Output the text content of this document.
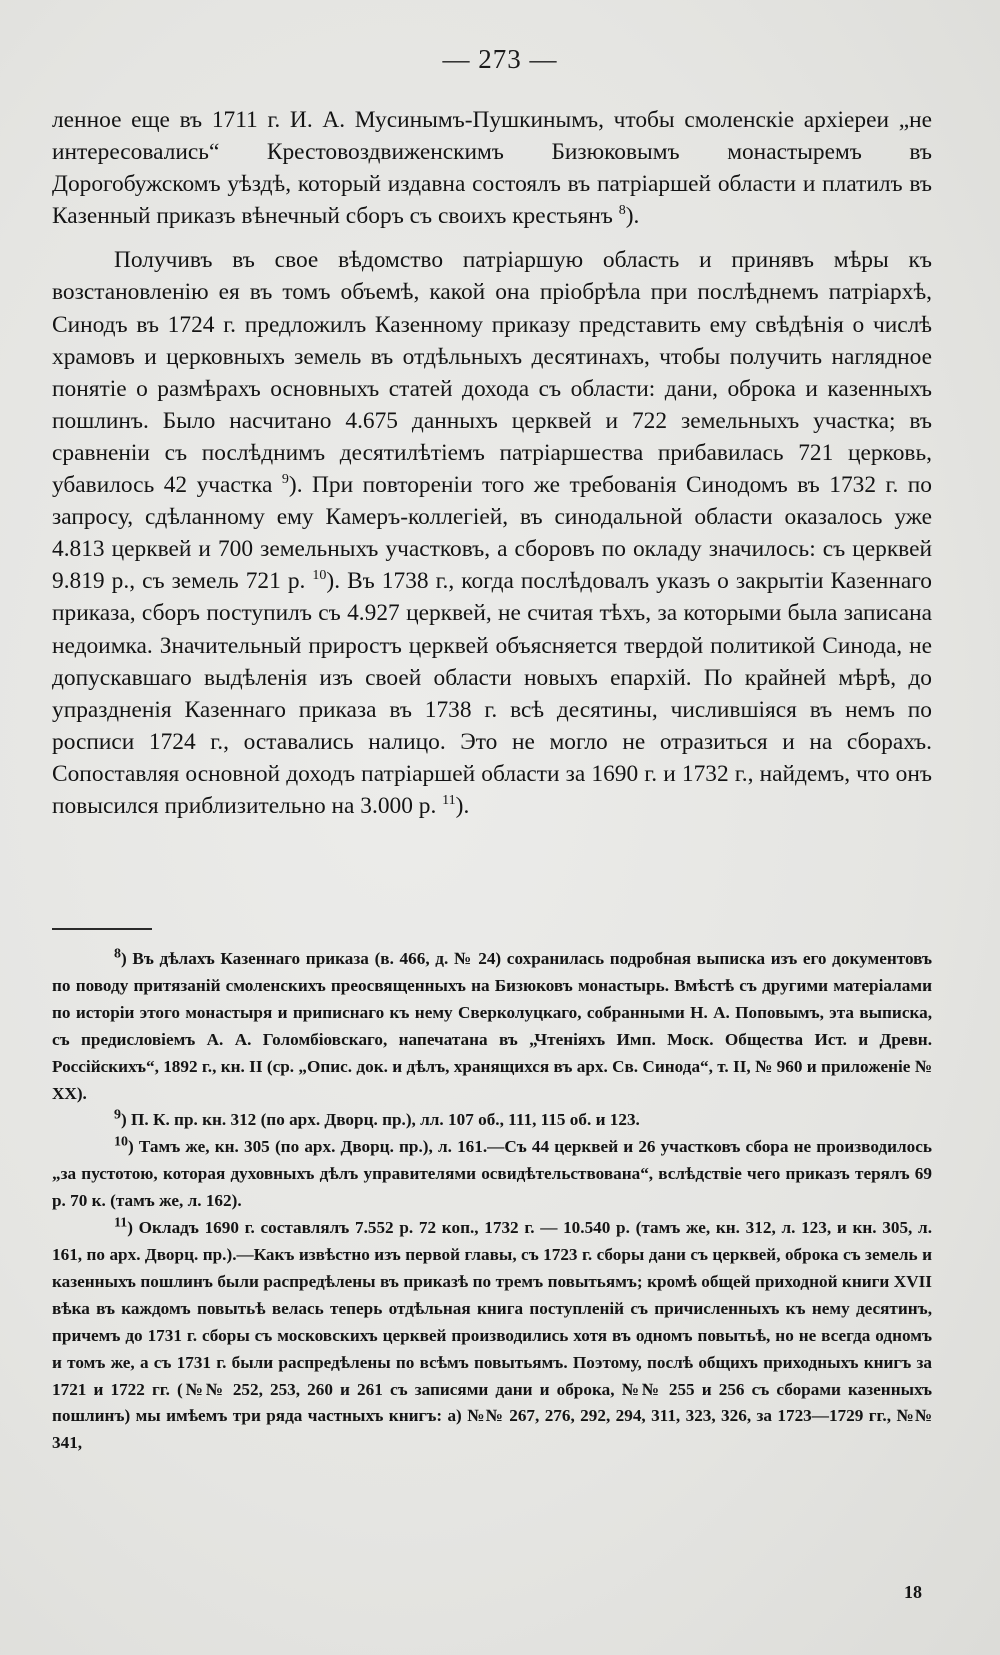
— 273 —

ленное еще въ 1711 г. И. А. Мусинымъ-Пушкинымъ, чтобы смоленскіе архіереи „не интересовались“ Крестовоздвиженскимъ Бизюковымъ монастыремъ въ Дорогобужскомъ уѣздѣ, который издавна состоялъ въ патріаршей области и платилъ въ Казенный приказъ вѣнечный сборъ съ своихъ крестьянъ $^8$).

Получивъ въ свое вѣдомство патріаршую область и принявъ мѣры къ возстановленію ея въ томъ объемѣ, какой она пріобрѣла при послѣднемъ патріархѣ, Синодъ въ 1724 г. предложилъ Казенному приказу представить ему свѣдѣнія о числѣ храмовъ и церковныхъ земель въ отдѣльныхъ десятинахъ, чтобы получить наглядное понятіе о размѣрахъ основныхъ статей дохода съ области: дани, оброка и казенныхъ пошлинъ. Было насчитано 4.675 данныхъ церквей и 722 земельныхъ участка; въ сравненіи съ послѣднимъ десятилѣтіемъ патріаршества прибавилась 721 церковь, убавилось 42 участка $^9$). При повтореніи того же требованія Синодомъ въ 1732 г. по запросу, сдѣланному ему Камеръ-коллегіей, въ синодальной области оказалось уже 4.813 церквей и 700 земельныхъ участковъ, а сборовъ по окладу значилось: съ церквей 9.819 р., съ земель 721 р. $^{10}$). Въ 1738 г., когда послѣдовалъ указъ о закрытіи Казеннаго приказа, сборъ поступилъ съ 4.927 церквей, не считая тѣхъ, за которыми была записана недоимка. Значительный приростъ церквей объясняется твердой политикой Синода, не допускавшаго выдѣленія изъ своей области новыхъ епархій. По крайней мѣрѣ, до упраздненія Казеннаго приказа въ 1738 г. всѣ десятины, числившіяся въ немъ по росписи 1724 г., оставались налицо. Это не могло не отразиться и на сборахъ. Сопоставляя основной доходъ патріаршей области за 1690 г. и 1732 г., найдемъ, что онъ повысился приблизительно на 3.000 р. $^{11}$).

$^8$) Въ дѣлахъ Казеннаго приказа (в. 466, д. № 24) сохранилась подробная выписка изъ его документовъ по поводу притязаній смоленскихъ преосвященныхъ на Бизюковъ монастырь. Вмѣстѣ съ другими матеріалами по исторіи этого монастыря и приписнаго къ нему Сверколуцкаго, собранными Н. А. Поповымъ, эта выписка, съ предисловіемъ А. А. Голомбіовскаго, напечатана въ „Чтеніяхъ Имп. Моск. Общества Ист. и Древн. Россійскихъ“, 1892 г., кн. II (ср. „Опис. док. и дѣлъ, хранящихся въ арх. Св. Синода“, т. II, № 960 и приложеніе № XX).

$^9$) П. К. пр. кн. 312 (по арх. Дворц. пр.), лл. 107 об., 111, 115 об. и 123.

$^{10}$) Тамъ же, кн. 305 (по арх. Дворц. пр.), л. 161.—Съ 44 церквей и 26 участковъ сбора не производилось „за пустотою, которая духовныхъ дѣлъ управителями освидѣтельствована“, вслѣдствіе чего приказъ терялъ 69 р. 70 к. (тамъ же, л. 162).

$^{11}$) Окладъ 1690 г. составлялъ 7.552 р. 72 коп., 1732 г. — 10.540 р. (тамъ же, кн. 312, л. 123, и кн. 305, л. 161, по арх. Дворц. пр.).—Какъ извѣстно изъ первой главы, съ 1723 г. сборы дани съ церквей, оброка съ земель и казенныхъ пошлинъ были распредѣлены въ приказѣ по тремъ повытьямъ; кромѣ общей приходной книги XVII вѣка въ каждомъ повытьѣ велась теперь отдѣльная книга поступленій съ причисленныхъ къ нему десятинъ, причемъ до 1731 г. сборы съ московскихъ церквей производились хотя въ одномъ повытьѣ, но не всегда одномъ и томъ же, а съ 1731 г. были распредѣлены по всѣмъ повытьямъ. Поэтому, послѣ общихъ приходныхъ книгъ за 1721 и 1722 гг. (№№ 252, 253, 260 и 261 съ записями дани и оброка, №№ 255 и 256 съ сборами казенныхъ пошлинъ) мы имѣемъ три ряда частныхъ книгъ: а) №№ 267, 276, 292, 294, 311, 323, 326, за 1723—1729 гг., №№ 341,

18
